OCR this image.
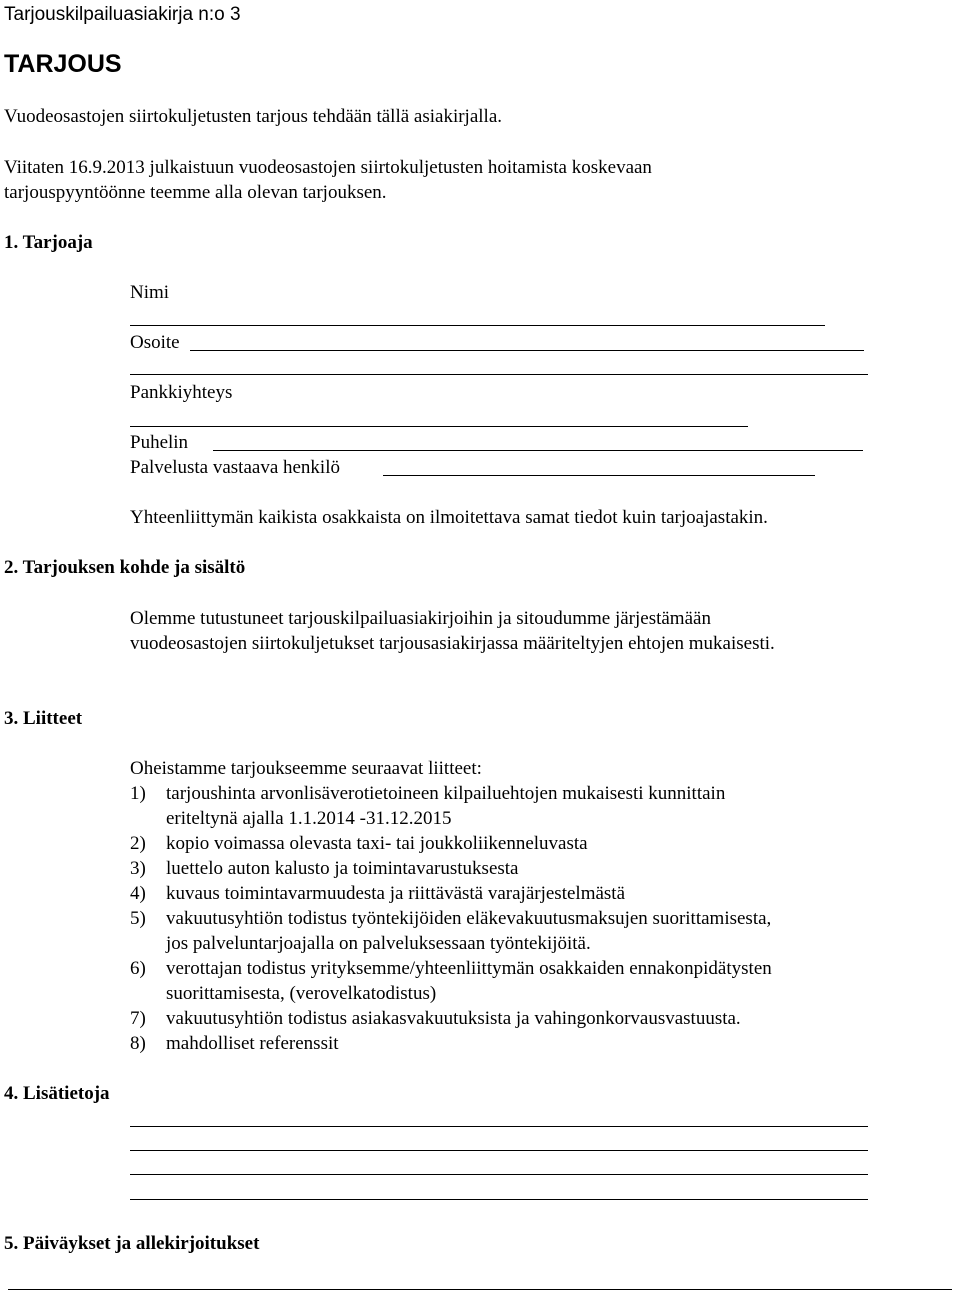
Tarjouskilpailuasiakirja n:o 3
TARJOUS
Vuodeosastojen siirtokuljetusten tarjous tehdään tällä asiakirjalla.
Viitaten 16.9.2013 julkaistuun vuodeosastojen siirtokuljetusten hoitamista koskevaan
tarjouspyyntöönne teemme alla olevan tarjouksen.
1. Tarjoaja
Nimi
Osoite
Pankkiyhteys
Puhelin
Palvelusta vastaava henkilö
Yhteenliittymän kaikista osakkaista on ilmoitettava samat tiedot kuin tarjoajastakin.
2. Tarjouksen kohde ja sisältö
Olemme tutustuneet tarjouskilpailuasiakirjoihin ja sitoudumme järjestämään
vuodeosastojen siirtokuljetukset tarjousasiakirjassa määriteltyjen ehtojen mukaisesti.
3. Liitteet
Oheistamme tarjoukseemme seuraavat liitteet:
1) tarjoushinta arvonlisäverotietoineen kilpailuehtojen mukaisesti kunnittain
eriteltynä ajalla 1.1.2014 -31.12.2015
2) kopio voimassa olevasta taxi- tai joukkoliikenneluvasta
3) luettelo auton kalusto ja toimintavarustuksesta
4) kuvaus toimintavarmuudesta ja riittävästä varajärjestelmästä
5) vakuutusyhtiön todistus työntekijöiden eläkevakuutusmaksujen suorittamisesta,
jos palveluntarjoajalla on palveluksessaan työntekijöitä.
6) verottajan todistus yrityksemme/yhteenliittymän osakkaiden ennakonpidätysten
suorittamisesta, (verovelkatodistus)
7) vakuutusyhtiön todistus asiakasvakuutuksista ja vahingonkorvausvastuusta.
8) mahdolliset referenssit
4. Lisätietoja
5. Päiväykset ja allekirjoitukset
